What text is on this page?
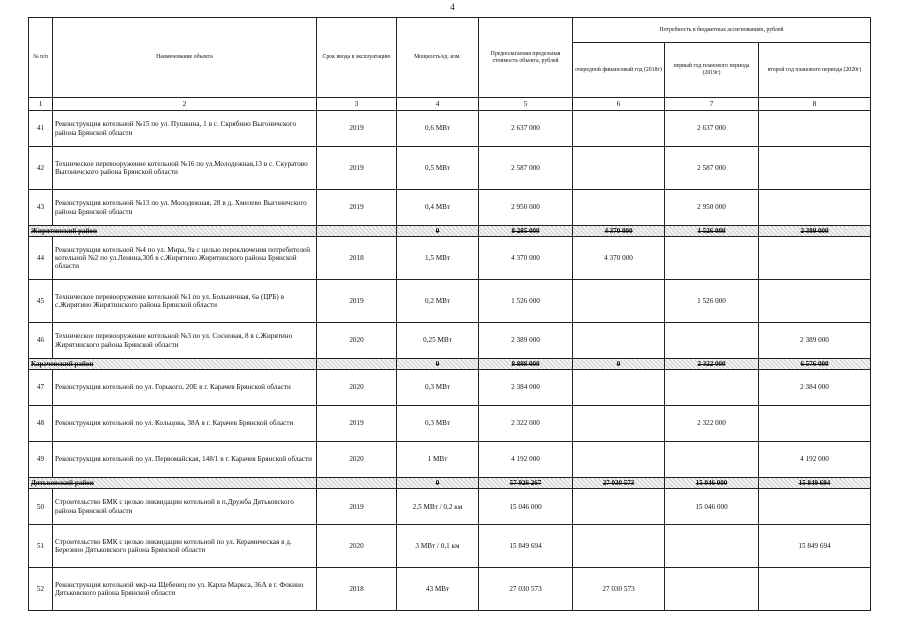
4
№ п/п	Наименование объекта	Срок ввода в эксплуатацию	Мощность/ед. изм.	Предполагаемая предельная стоимость объекта, рублей	Потребность в бюджетных ассигнованиях, рублей		
					очередной финансовый год (2018г)	первый год планового периода (2019г)	второй год планового периода (2020г)
1	2	3	4	5	6	7	8
41	Реконструкция котельной №15 по ул. Пушкина, 1 в с. Скрябино Выгоничского района Брянской области	2019	0,6 МВт	2 637 000		2 637 000	
42	Техническое перевооружение котельной №16 по ул.Молодежная,13 в с. Скуратово Выгоничского района Брянской области	2019	0,5 МВт	2 587 000		2 587 000	
43	Реконструкция котельной №13 по ул. Молодежная, 28 в д. Хмелево Выгоничского района Брянской области	2019	0,4 МВт	2 950 000		2 950 000	
Жирятинский район			0	8 285 000	4 370 000	1 526 000	2 389 000
44	Реконструкция котельной №4 по ул. Мира, 9а с целью переключения потребителей котельной №2 по ул.Ленина,30б в с.Жирятино Жирятинского района Брянской области	2018	1,5 МВт	4 370 000	4 370 000		
45	Техническое перевооружение котельной №1 по ул. Больничная, 6а (ЦРБ) в с.Жирятино Жирятинского района Брянской области	2019	0,2 МВт	1 526 000		1 526 000	
46	Техническое перевооружение котельной №3 по ул. Сосновая, 8 в с.Жирятино Жирятинского района Брянской области	2020	0,25 МВт	2 389 000			2 389 000
Карачевский район			0	8 898 000	0	2 322 000	6 576 000
47	Реконструкция котельной по ул. Горького, 20Е в г. Карачев Брянской области	2020	0,3 МВт	2 384 000			2 384 000
48	Реконструкция котельной по ул. Кольцова, 38А в г. Карачев Брянской области	2019	0,3 МВт	2 322 000		2 322 000	
49	Реконструкция котельной по ул. Первомайская, 148/1 в г. Карачев Брянской области	2020	1 МВт	4 192 000			4 192 000
Дятьковский район			0	57 926 267	27 030 573	15 046 000	15 849 694
50	Строительство БМК с целью ликвидации котельной в п.Дружба Дятьковского района Брянской области	2019	2,5 МВт / 0,2 км	15 046 000		15 046 000	
51	Строительство БМК с целью ликвидации котельной по ул. Керамическая в д. Березино Дятьковского района Брянской области	2020	3 МВт / 0,1 км	15 849 694			15 849 694
52	Реконструкция котельной мкр-на Щебенец по ул. Карла Маркса, 36А в г. Фокино Дятьковского района Брянской области	2018	43 МВт	27 030 573	27 030 573		
